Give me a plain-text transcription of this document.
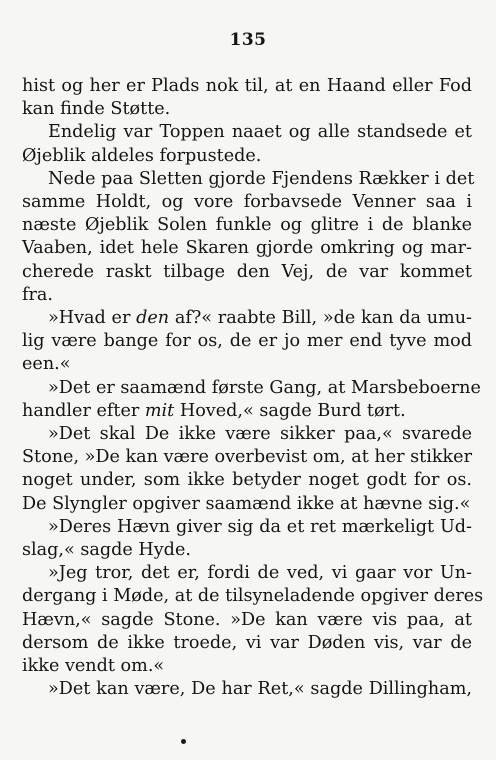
135
hist og her er Plads nok til, at en Haand eller Fod
kan finde Støtte.
Endelig var Toppen naaet og alle standsede et
Øjeblik aldeles forpustede.
Nede paa Sletten gjorde Fjendens Rækker i det
samme Holdt, og vore forbavsede Venner saa i
næste Øjeblik Solen funkle og glitre i de blanke
Vaaben, idet hele Skaren gjorde omkring og mar-
cherede raskt tilbage den Vej, de var kommet
fra.
»Hvad er den af?« raabte Bill, »de kan da umu-
lig være bange for os, de er jo mer end tyve mod
een.«
»Det er saamænd første Gang, at Marsbeboerne
handler efter mit Hoved,« sagde Burd tørt.
»Det skal De ikke være sikker paa,« svarede
Stone, »De kan være overbevist om, at her stikker
noget under, som ikke betyder noget godt for os.
De Slyngler opgiver saamænd ikke at hævne sig.«
»Deres Hævn giver sig da et ret mærkeligt Ud-
slag,« sagde Hyde.
»Jeg tror, det er, fordi de ved, vi gaar vor Un-
dergang i Møde, at de tilsyneladende opgiver deres
Hævn,« sagde Stone. »De kan være vis paa, at
dersom de ikke troede, vi var Døden vis, var de
ikke vendt om.«
»Det kan være, De har Ret,« sagde Dillingham,
